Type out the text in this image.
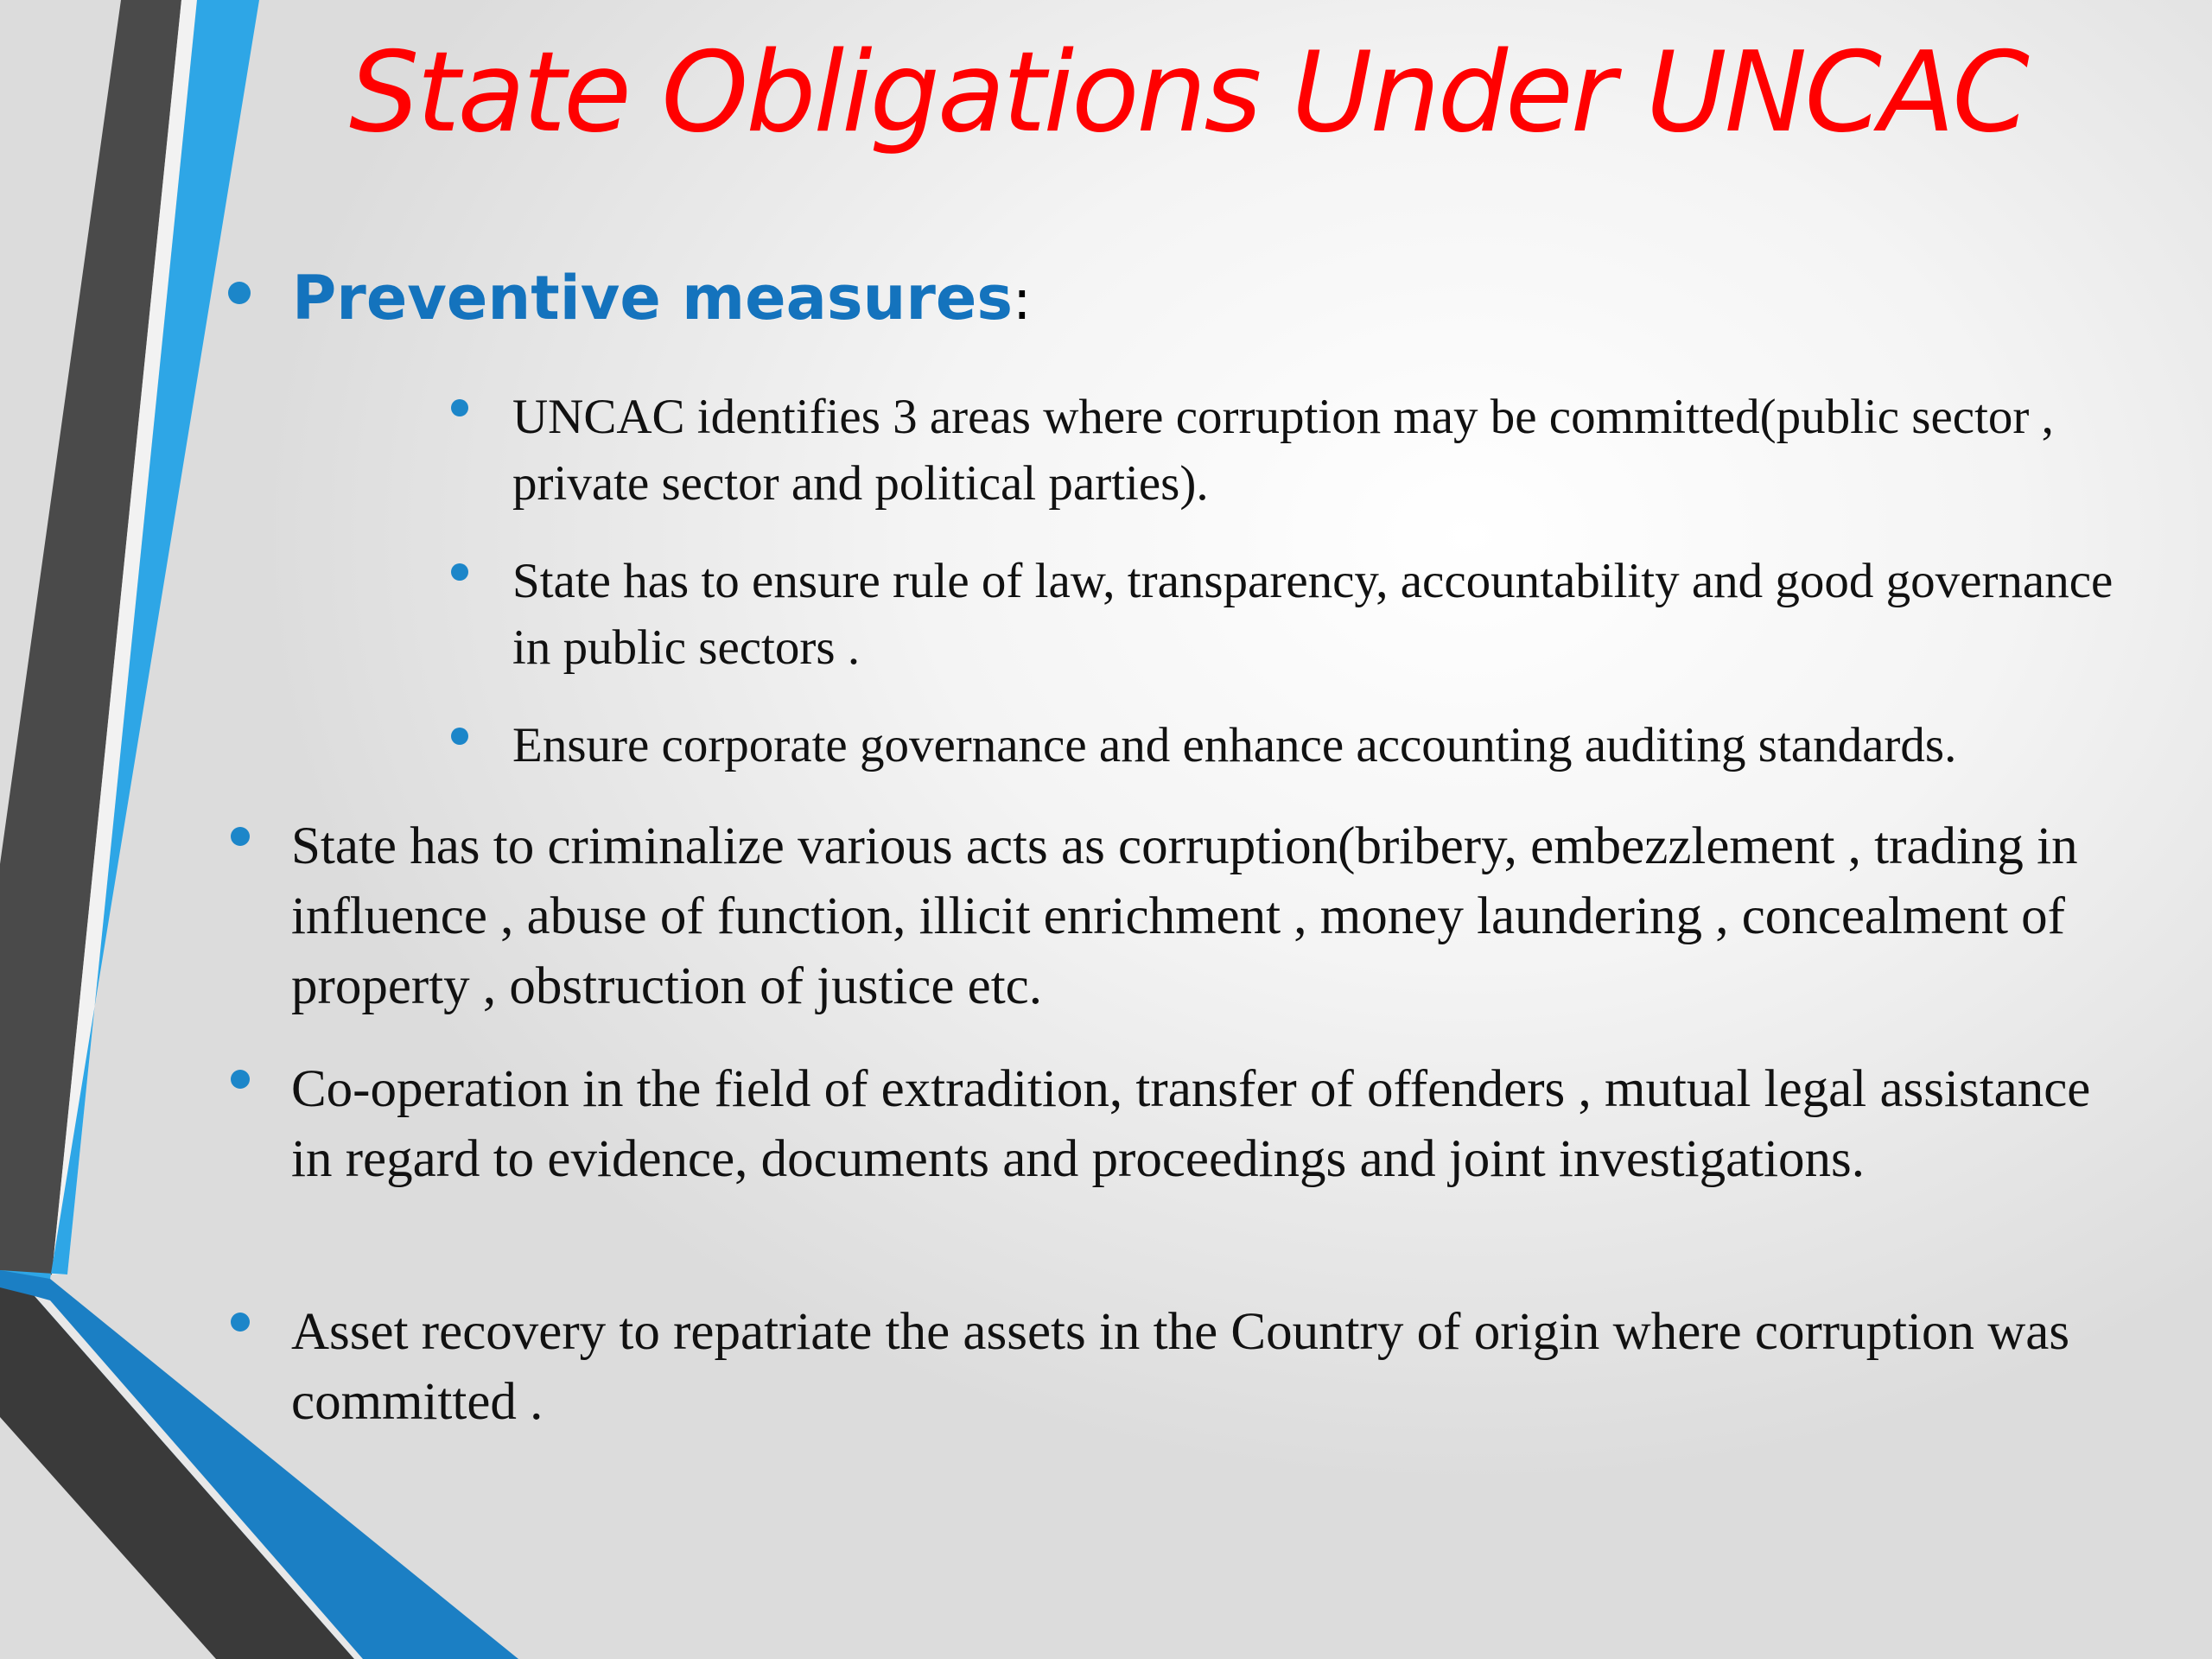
State Obligations Under UNCAC
Preventive measures:
UNCAC identifies 3 areas where corruption may be committed(public sector , private sector and political parties).
State has to ensure rule of law, transparency, accountability and good governance in public sectors .
Ensure corporate governance and enhance accounting auditing standards.
State has to criminalize various acts as corruption(bribery, embezzlement , trading in influence , abuse of function, illicit enrichment , money laundering , concealment of property , obstruction of justice etc.
Co-operation in the field of extradition, transfer of offenders , mutual legal assistance in regard to evidence, documents and proceedings and joint investigations.
Asset recovery to repatriate the assets in the Country of origin where corruption was committed .
